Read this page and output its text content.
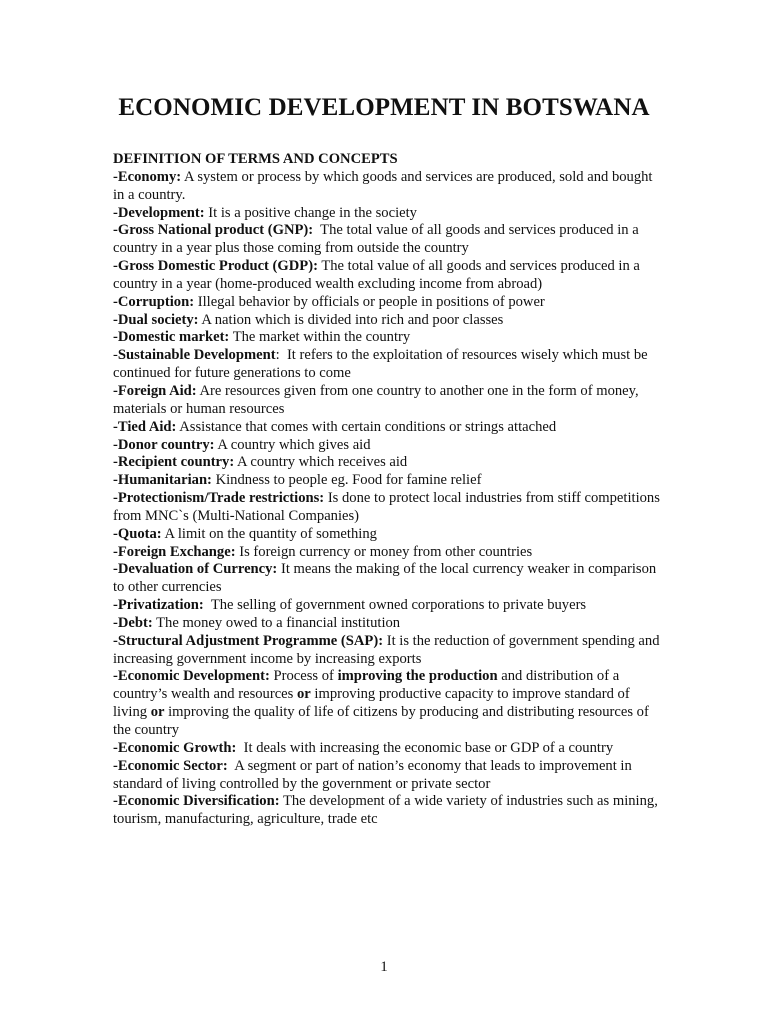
ECONOMIC DEVELOPMENT IN BOTSWANA

DEFINITION OF TERMS AND CONCEPTS

-Economy: A system or process by which goods and services are produced, sold and bought in a country.

-Development: It is a positive change in the society

-Gross National product (GNP): The total value of all goods and services produced in a country in a year plus those coming from outside the country

-Gross Domestic Product (GDP): The total value of all goods and services produced in a country in a year (home-produced wealth excluding income from abroad)

-Corruption: Illegal behavior by officials or people in positions of power

-Dual society: A nation which is divided into rich and poor classes

-Domestic market: The market within the country

-Sustainable Development:  It refers to the exploitation of resources wisely which must be continued for future generations to come

-Foreign Aid: Are resources given from one country to another one in the form of money, materials or human resources

-Tied Aid: Assistance that comes with certain conditions or strings attached

-Donor country: A country which gives aid

-Recipient country: A country which receives aid

-Humanitarian: Kindness to people eg. Food for famine relief

-Protectionism/Trade restrictions: Is done to protect local industries from stiff competitions from MNC`s (Multi-National Companies)

-Quota: A limit on the quantity of something

-Foreign Exchange: Is foreign currency or money from other countries

-Devaluation of Currency: It means the making of the local currency weaker in comparison to other currencies

-Privatization: The selling of government owned corporations to private buyers

-Debt: The money owed to a financial institution

-Structural Adjustment Programme (SAP): It is the reduction of government spending and increasing government income by increasing exports

-Economic Development: Process of improving the production and distribution of a country’s wealth and resources or improving productive capacity to improve standard of living or improving the quality of life of citizens by producing and distributing resources of the country

-Economic Growth: It deals with increasing the economic base or GDP of a country

-Economic Sector: A segment or part of nation’s economy that leads to improvement in standard of living controlled by the government or private sector

-Economic Diversification: The development of a wide variety of industries such as mining, tourism, manufacturing, agriculture, trade etc

1
